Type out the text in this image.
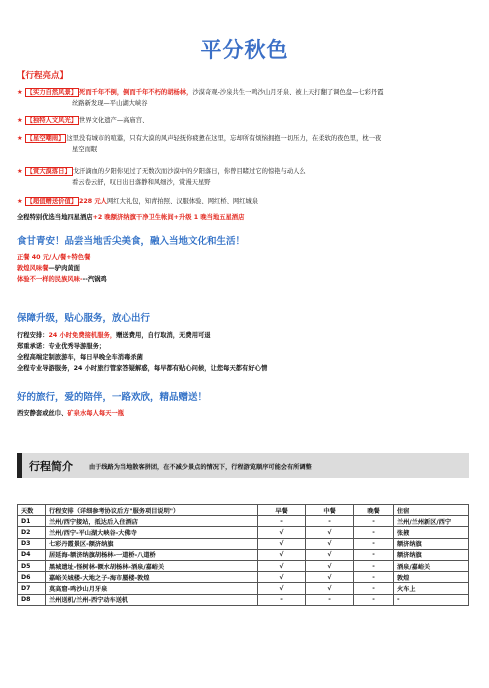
平分秋色
【行程亮点】
★ 【实力自然风景】 死而千年不倒，倒而千年不朽的胡杨林，沙漠奇观-沙泉共生一鸣沙山月牙泉、被上天打翻了调色盘—七彩丹霞
丝路新发现—平山湖大峡谷
★ 【独特人文风光】 世界文化遗产—高庙宫、
★ 【星空嘲雨】 这里没有城市的喧嚣，只有大漠的风声轻抚你疲惫在这里，忘却所有烦恼拥抱一切压力，在柔软的夜色里，枕一夜
星空而眠
★ 【赏大漠落日】 戈汗滴血的夕阳你见过了无数次而沙漠中的夕阳落日，你曾目睹过它的惊艳与动人么
看云卷云舒，叹日出日落静和风细沙，赏漫天星野
★ 【超值赠送价值】 228 元人网红大礼包，知青拍照、汉服体验、网红桥、网红城泉
全程特别优选当地四星酒店+2 晚额济纳旗干净卫生帐间+升级 1 晚当地五星酒店
食甘青安！品尝当地舌尖美食，融入当地文化和生活！
正餐 40 元/人/餐+特色餐
敦煌风味餐—驴肉黄面
体验不一样的民族风味---汽锅鸡
保障升级，贴心服务，放心出行
行程安排：24 小时免费接机服务，赠送费用，自行取消，无费用可退
郑重承诺：专业优秀导游服务；
全程高端定制旅游车，每日早晚全车消毒杀菌
全程专业导游服务，24 小时旅行管家答疑解惑，每早都有贴心问候，让您每天都有好心情
好的旅行，爱的陪伴，一路欢欣，精品赠送！
西安静套或丝巾、矿泉水每人每天一瓶
行程简介	由于线路为当地散客拼团，在不减少景点的情况下，行程游览顺序可能会有所调整
天数	行程安排（详细参考协议后方"服务项目说明"）	早餐	中餐	晚餐	住宿
D1	兰州/西宁接站，抵达后入住酒店	-	-	-	兰州/兰州新区/西宁
D2	兰州/西宁-平山湖大峡谷-大佛寺	√	√	-	张掖
D3	七彩丹霞景区-额济纳旗	√	√	-	额济纳旗
D4	居延海-额济纳旗胡杨林-一道桥-八道桥	√	√	-	额济纳旗
D5	黑城遗址-怪树林-额水胡杨林-酒泉/嘉峪关	√	√	-	酒泉/嘉峪关
D6	嘉峪关城楼-大地之子-海市蜃楼-敦煌	√	√	-	敦煌
D7	莫高窟-鸣沙山月牙泉	√	√	-	火车上
D8	兰州送机/兰州-西宁动车送机	-	-	-	-
